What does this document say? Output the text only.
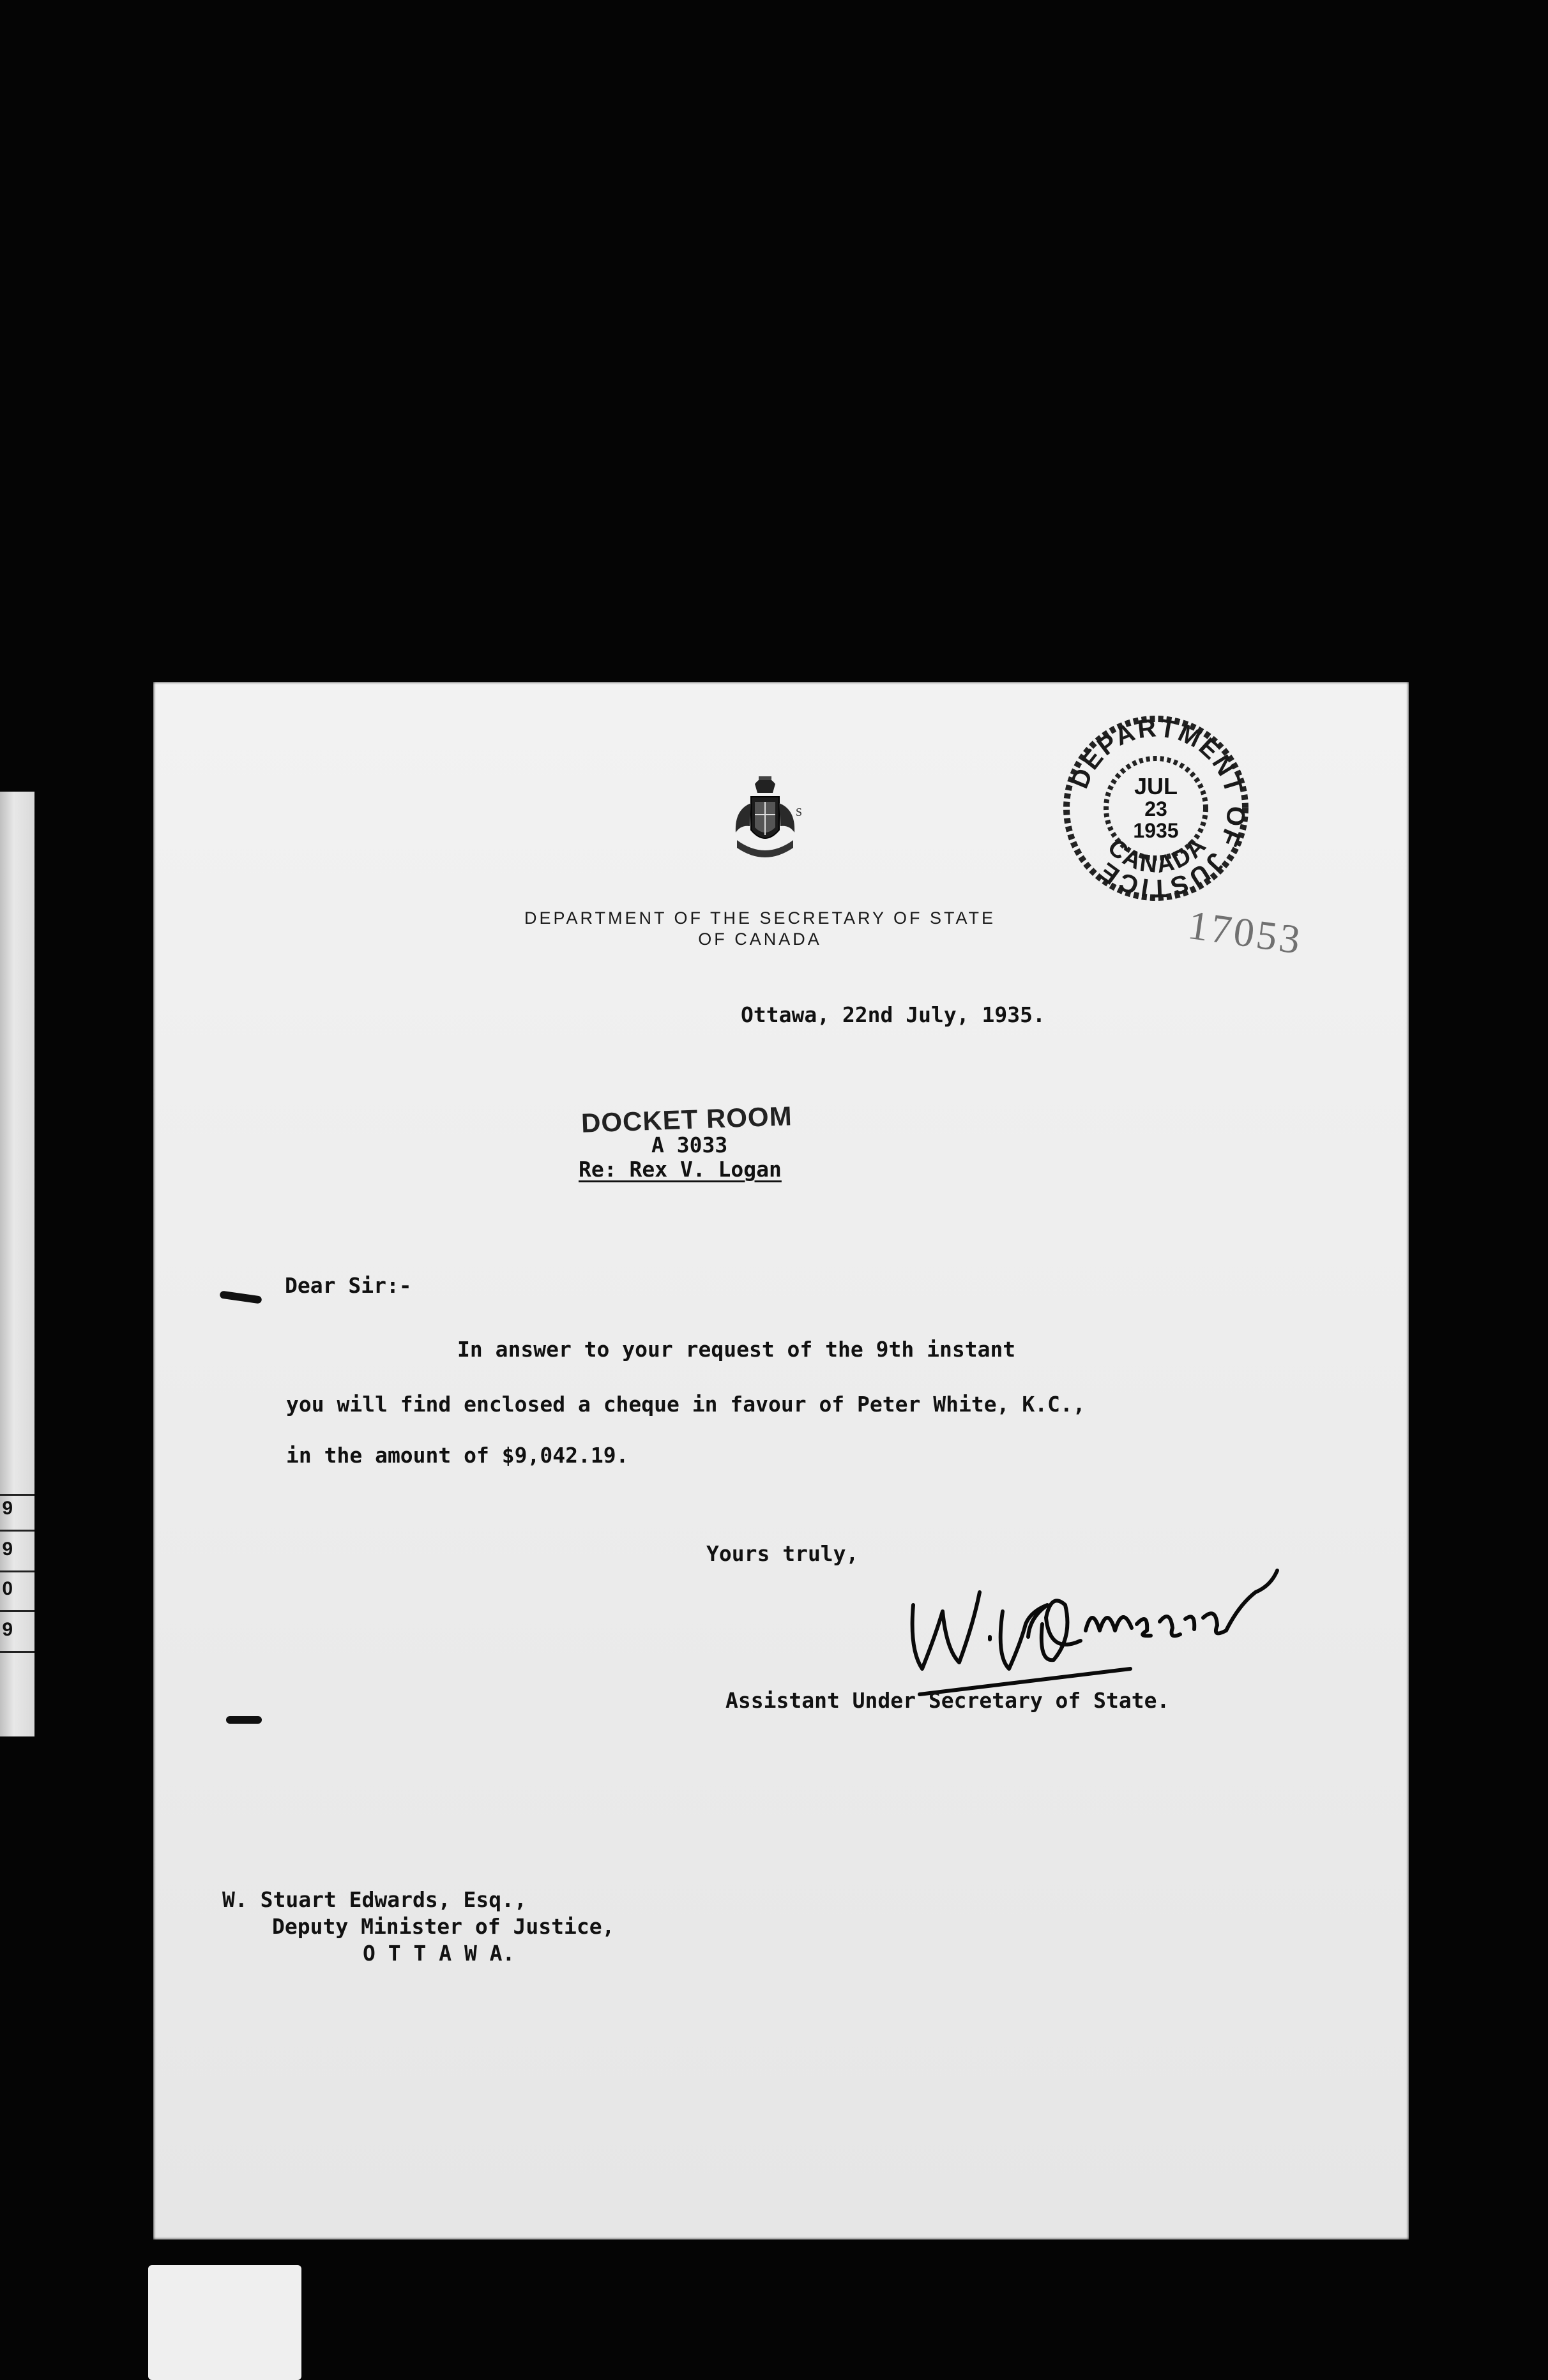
9
9
0
9
S
DEPARTMENT OF THE SECRETARY OF STATE
OF CANADA
DEPARTMENT OF JUSTICE
CANADA
JUL
23
1935
17053
Ottawa, 22nd July, 1935.
DOCKET ROOM
A 3033
Re: Rex V. Logan
Dear Sir:-
In answer to your request of the 9th instant
you will find enclosed a cheque in favour of Peter White, K.C.,
in the amount of $9,042.19.
Yours truly,
Assistant Under Secretary of State.
W. Stuart Edwards, Esq.,
Deputy Minister of Justice,
O T T A W A.
